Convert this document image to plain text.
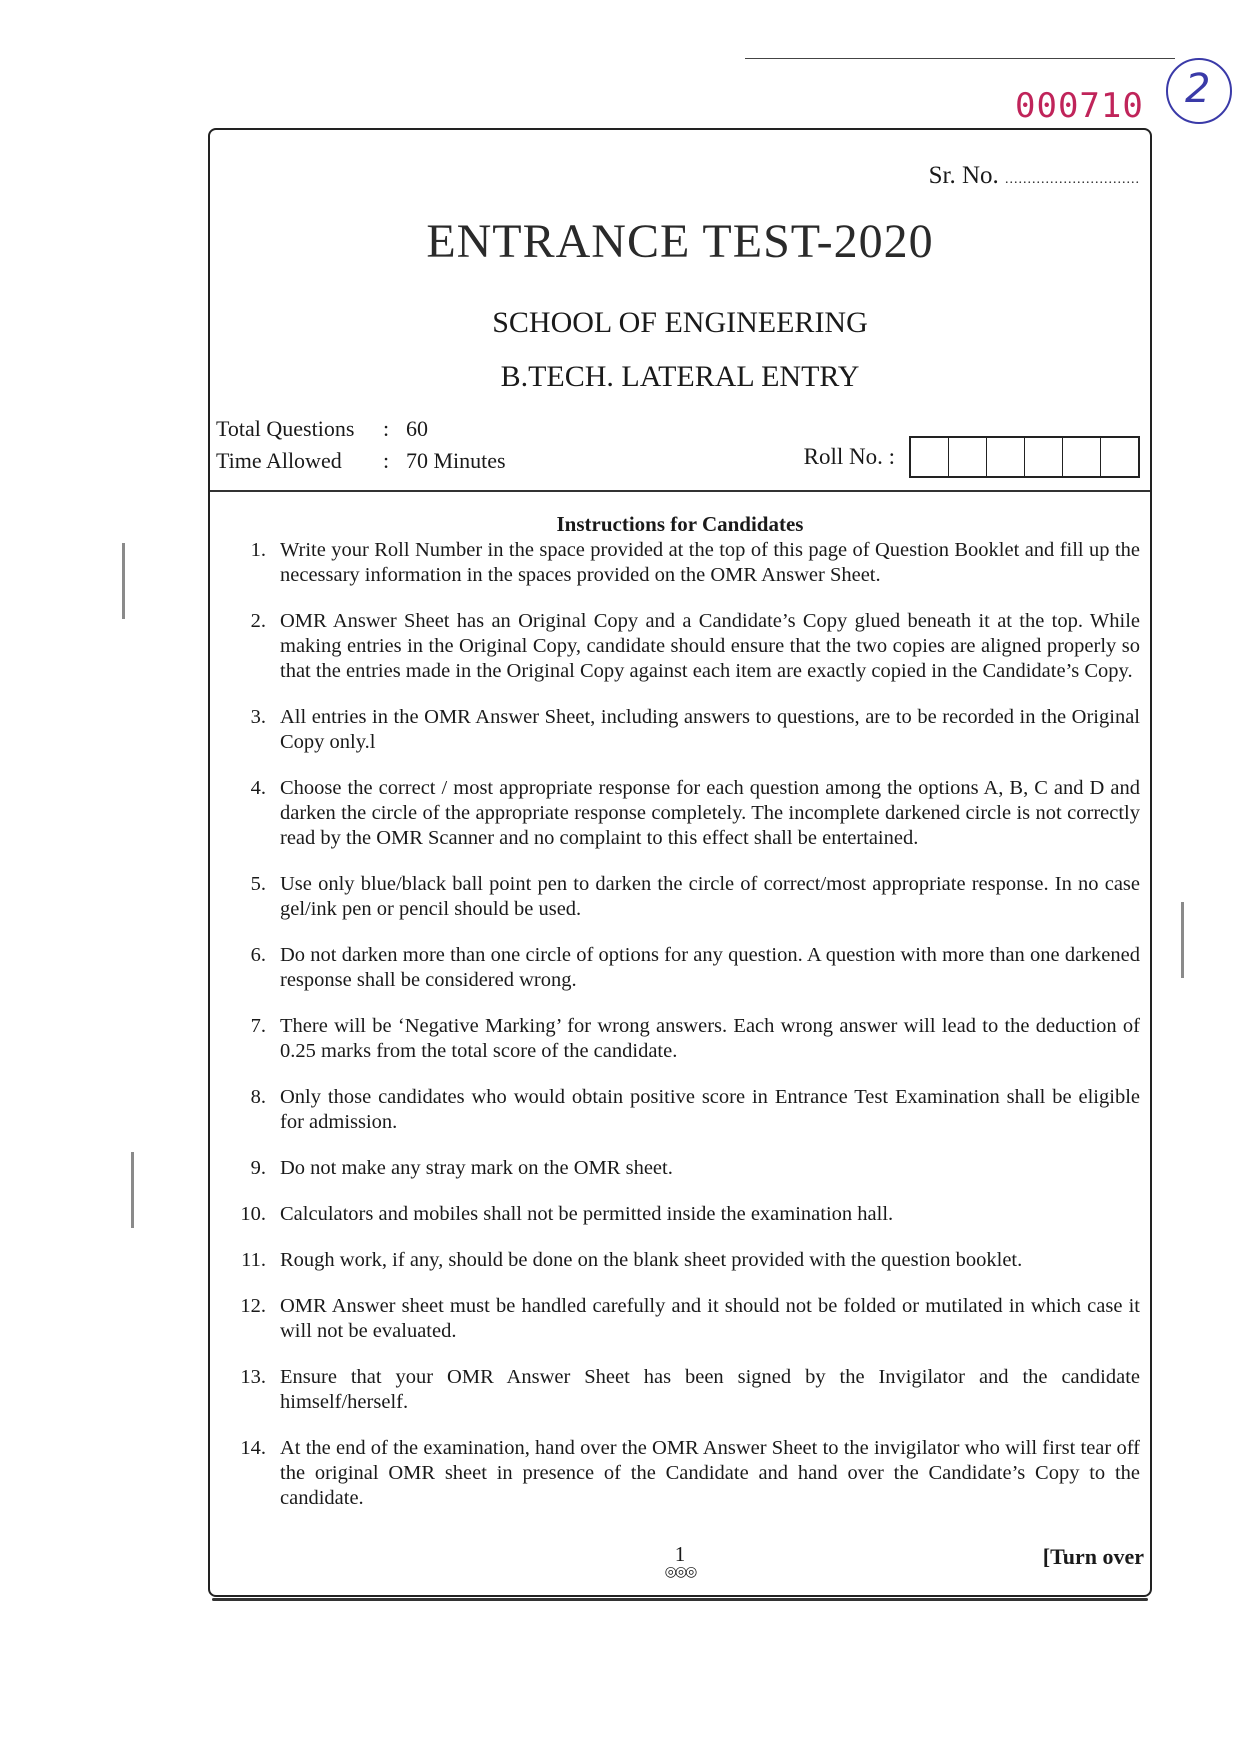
000710 2
Sr. No. ..............................
ENTRANCE TEST-2020
SCHOOL OF ENGINEERING
B.TECH. LATERAL ENTRY
Total Questions : 60
Time Allowed : 70 Minutes	Roll No. :
Instructions for Candidates
1. Write your Roll Number in the space provided at the top of this page of Question Booklet and fill up the necessary information in the spaces provided on the OMR Answer Sheet.
2. OMR Answer Sheet has an Original Copy and a Candidate’s Copy glued beneath it at the top. While making entries in the Original Copy, candidate should ensure that the two copies are aligned properly so that the entries made in the Original Copy against each item are exactly copied in the Candidate’s Copy.
3. All entries in the OMR Answer Sheet, including answers to questions, are to be recorded in the Original Copy only.l
4. Choose the correct / most appropriate response for each question among the options A, B, C and D and darken the circle of the appropriate response completely. The incomplete darkened circle is not correctly read by the OMR Scanner and no complaint to this effect shall be entertained.
5. Use only blue/black ball point pen to darken the circle of correct/most appropriate response. In no case gel/ink pen or pencil should be used.
6. Do not darken more than one circle of options for any question. A question with more than one darkened response shall be considered wrong.
7. There will be ‘Negative Marking’ for wrong answers. Each wrong answer will lead to the deduction of 0.25 marks from the total score of the candidate.
8. Only those candidates who would obtain positive score in Entrance Test Examination shall be eligible for admission.
9. Do not make any stray mark on the OMR sheet.
10. Calculators and mobiles shall not be permitted inside the examination hall.
11. Rough work, if any, should be done on the blank sheet provided with the question booklet.
12. OMR Answer sheet must be handled carefully and it should not be folded or mutilated in which case it will not be evaluated.
13. Ensure that your OMR Answer Sheet has been signed by the Invigilator and the candidate himself/herself.
14. At the end of the examination, hand over the OMR Answer Sheet to the invigilator who will first tear off the original OMR sheet in presence of the Candidate and hand over the Candidate’s Copy to the candidate.
1
◎◎◎
[Turn over
